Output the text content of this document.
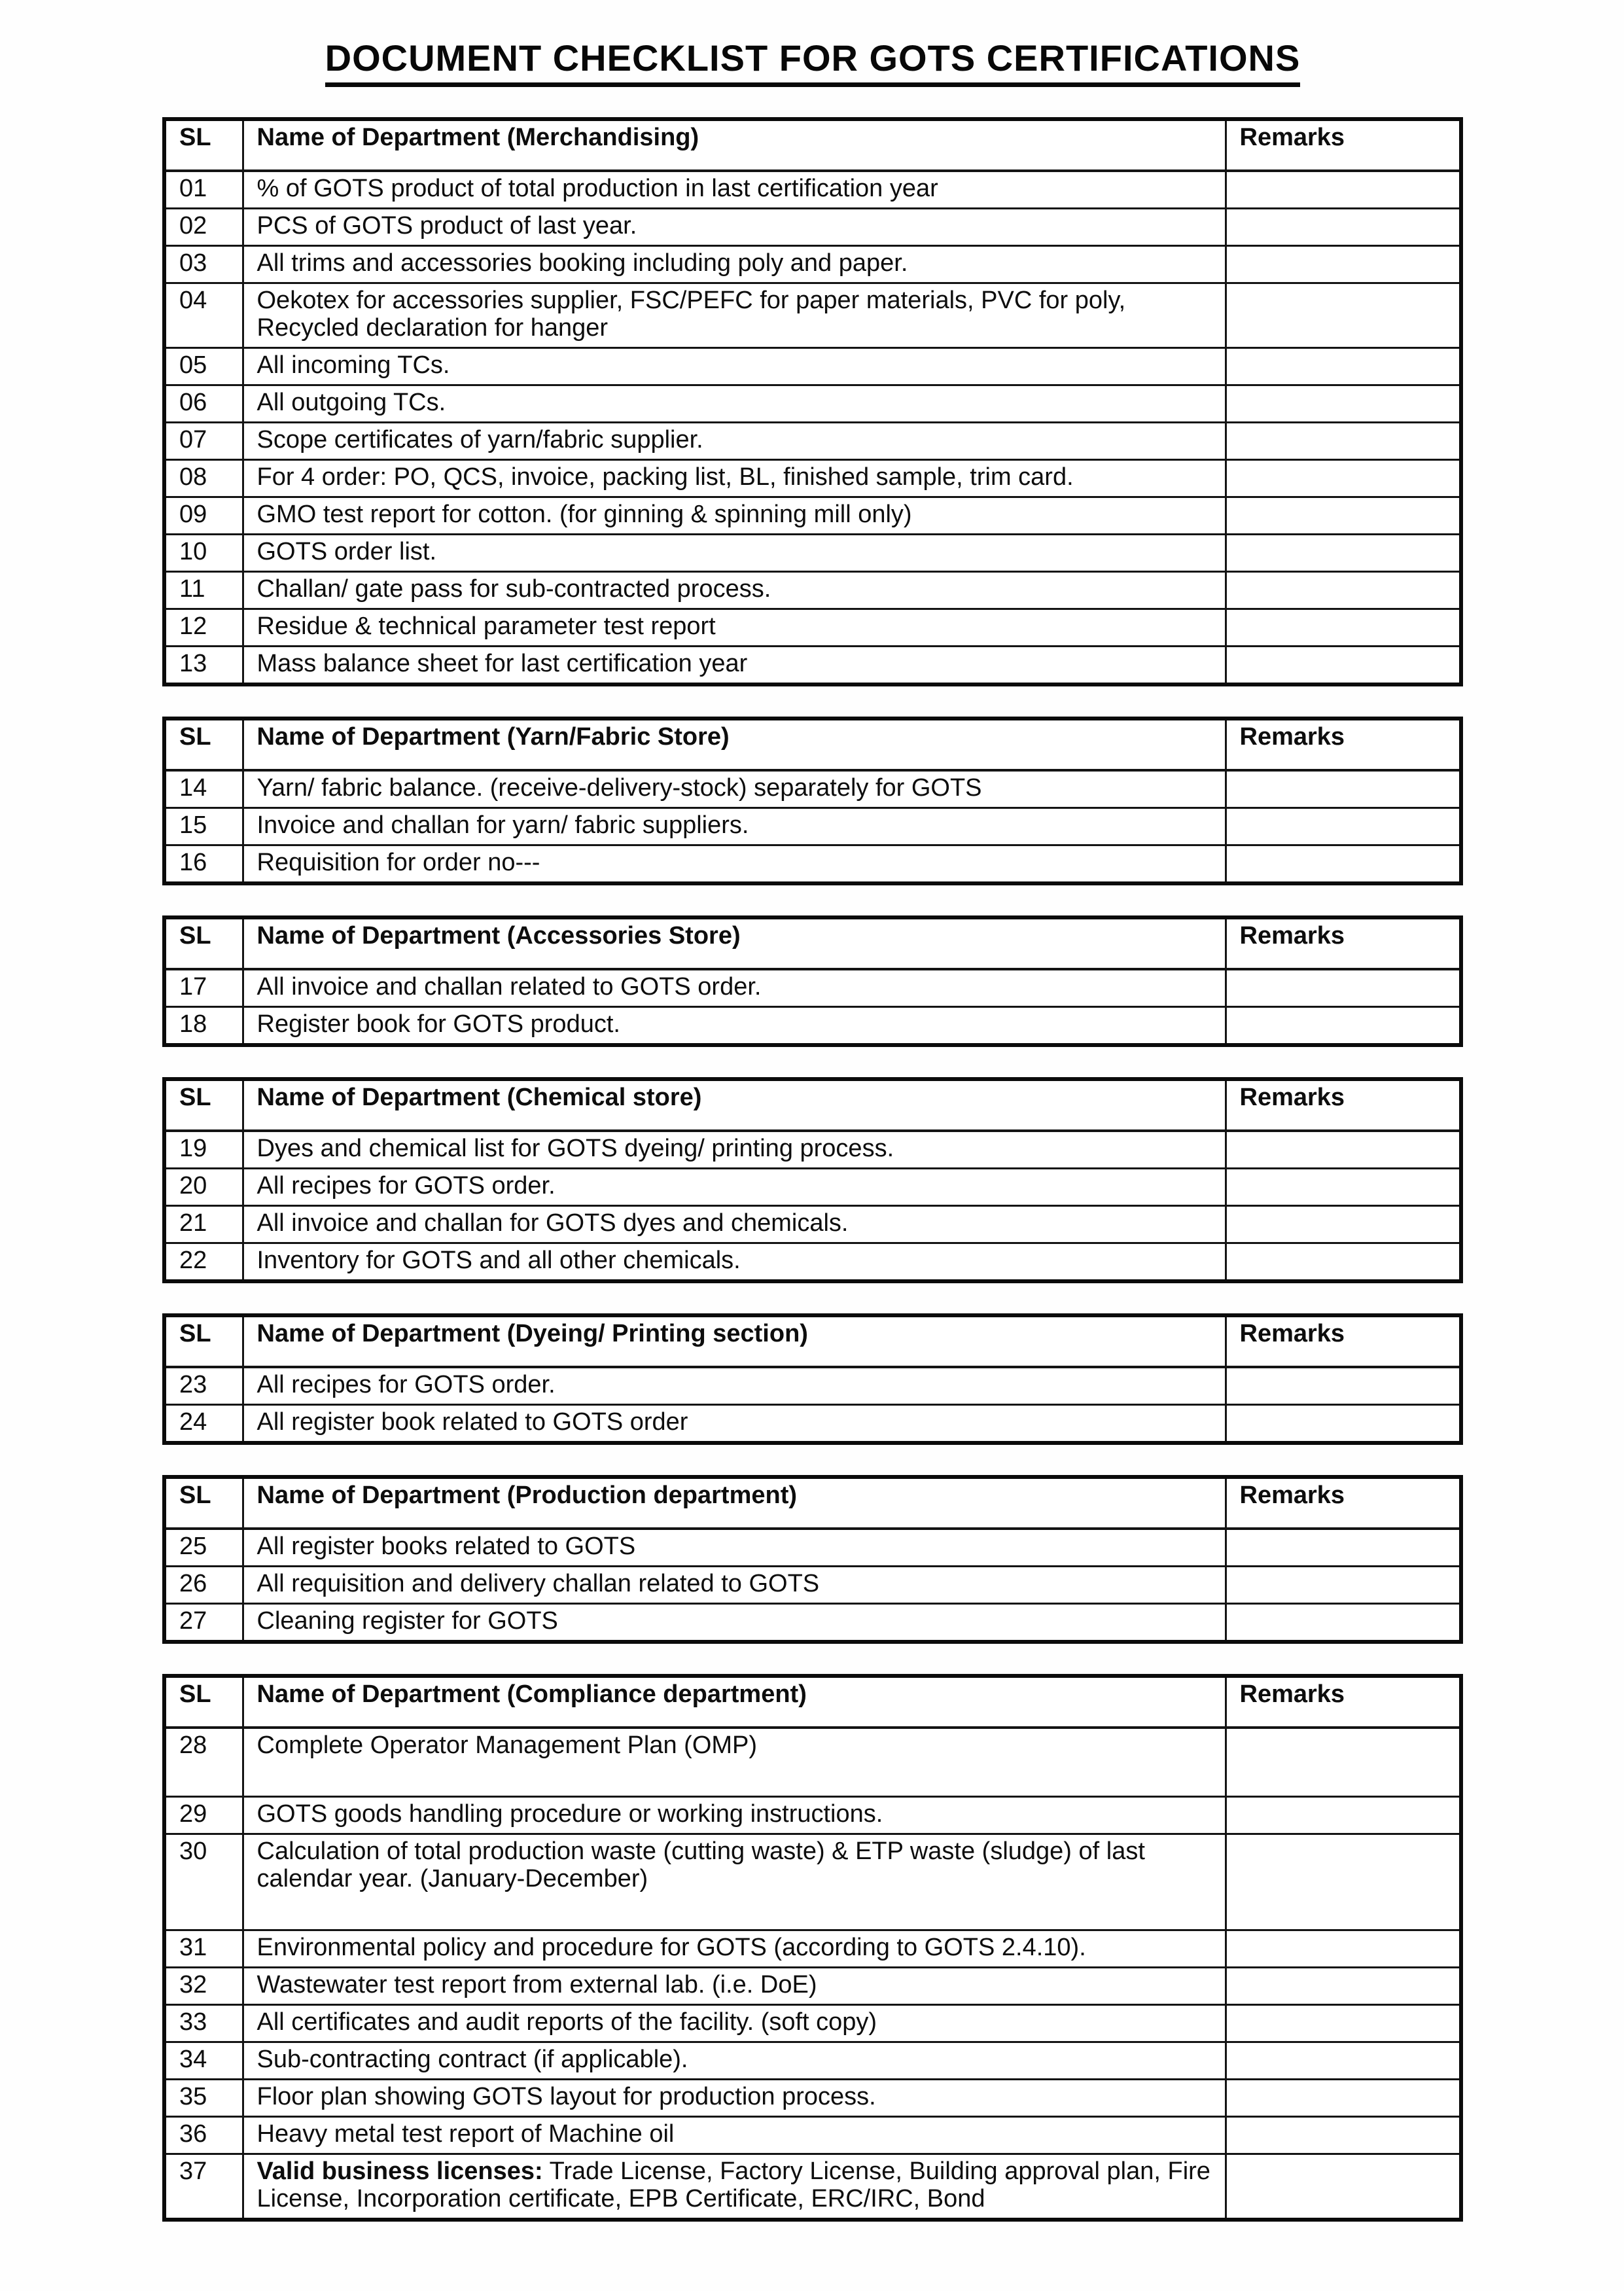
DOCUMENT CHECKLIST FOR GOTS CERTIFICATIONS
SL	Name of Department (Merchandising)	Remarks
01	% of GOTS product of total production in last certification year	
02	PCS of GOTS product of last year.	
03	All trims and accessories booking including poly and paper.	
04	Oekotex for accessories supplier, FSC/PEFC for paper materials, PVC for poly, Recycled declaration for hanger	
05	All incoming TCs.	
06	All outgoing TCs.	
07	Scope certificates of yarn/fabric supplier.	
08	For 4 order: PO, QCS, invoice, packing list, BL, finished sample, trim card.	
09	GMO test report for cotton. (for ginning & spinning mill only)	
10	GOTS order list.	
11	Challan/ gate pass for sub-contracted process.	
12	Residue & technical parameter test report	
13	Mass balance sheet for last certification year	
SL	Name of Department (Yarn/Fabric Store)	Remarks
14	Yarn/ fabric balance. (receive-delivery-stock) separately for GOTS	
15	Invoice and challan for yarn/ fabric suppliers.	
16	Requisition for order no---	
SL	Name of Department (Accessories Store)	Remarks
17	All invoice and challan related to GOTS order.	
18	Register book for GOTS product.	
SL	Name of Department (Chemical store)	Remarks
19	Dyes and chemical list for GOTS dyeing/ printing process.	
20	All recipes for GOTS order.	
21	All invoice and challan for GOTS dyes and chemicals.	
22	Inventory for GOTS and all other chemicals.	
SL	Name of Department (Dyeing/ Printing section)	Remarks
23	All recipes for GOTS order.	
24	All register book related to GOTS order	
SL	Name of Department (Production department)	Remarks
25	All register books related to GOTS	
26	All requisition and delivery challan related to GOTS	
27	Cleaning register for GOTS	
SL	Name of Department (Compliance department)	Remarks
28	Complete Operator Management Plan (OMP)	
29	GOTS goods handling procedure or working instructions.	
30	Calculation of total production waste (cutting waste) & ETP waste (sludge) of last calendar year. (January-December)	
31	Environmental policy and procedure for GOTS (according to GOTS 2.4.10).	
32	Wastewater test report from external lab. (i.e. DoE)	
33	All certificates and audit reports of the facility. (soft copy)	
34	Sub-contracting contract (if applicable).	
35	Floor plan showing GOTS layout for production process.	
36	Heavy metal test report of Machine oil	
37	Valid business licenses: Trade License, Factory License, Building approval plan, Fire License, Incorporation certificate, EPB Certificate, ERC/IRC, Bond	
